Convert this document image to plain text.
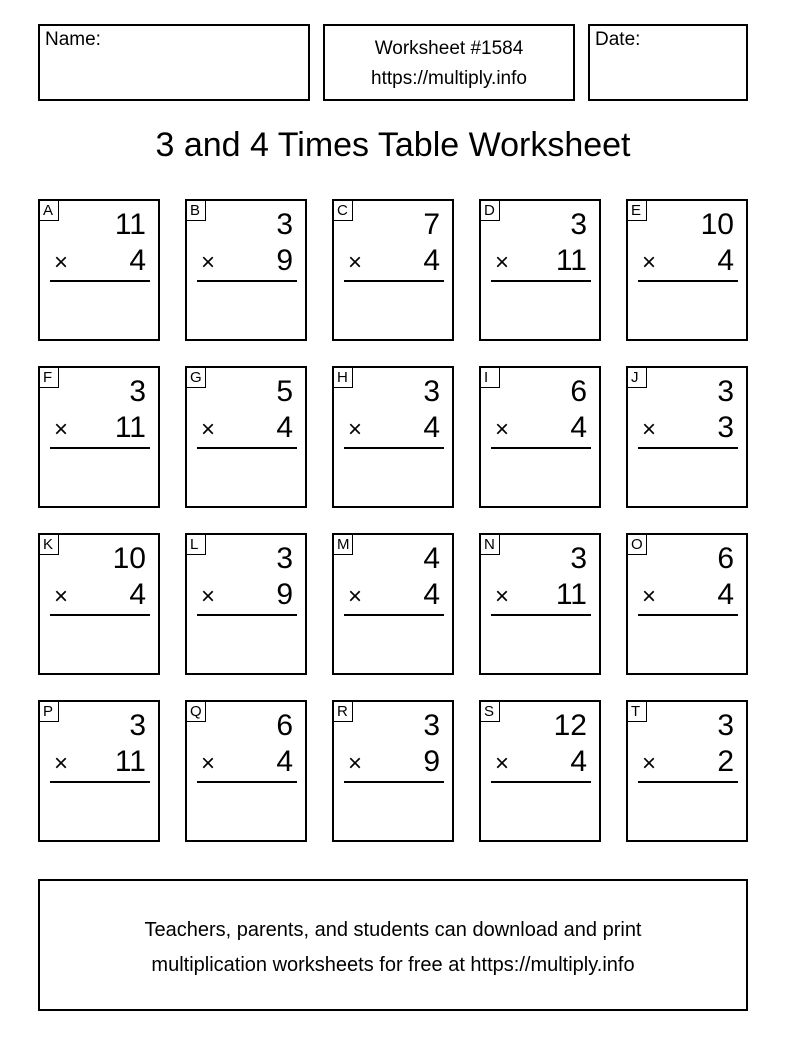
Name:	Worksheet #1584
https://multiply.info
Date:
3 and 4 Times Table Worksheet
A 11
× 4
B	3
× 9
C	7
× 4
D	3
× 11
E 10
× 4
F	3
× 11
G 5
× 4
H	3
× 4
I	6
× 4
J	3
× 3
K 10
× 4
L	3
× 9
M 4
× 4
N	3
× 11
O 6
× 4
P	3
× 11
Q 6
× 4
R	3
× 9
S 12
× 4
T	3
× 2
Teachers, parents, and students can download and print
multiplication worksheets for free at https://multiply.info
